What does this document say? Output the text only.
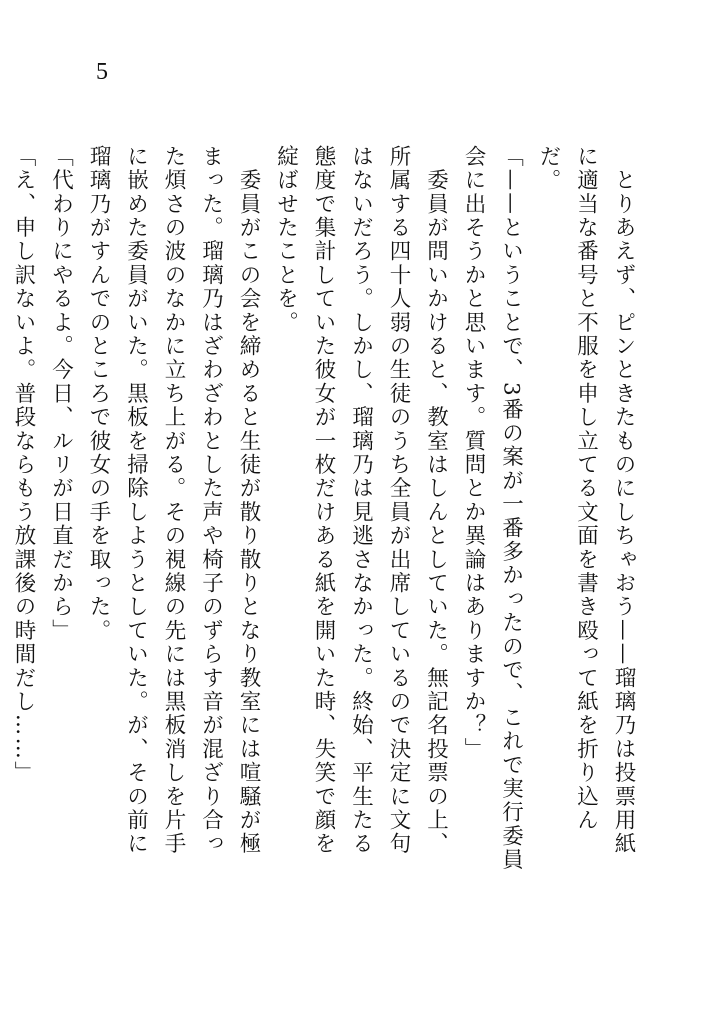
5

　とりあえず、ピンときたものにしちゃおう——瑠璃乃は投票用紙に適当な番号と不服を申し立てる文面を書き殴って紙を折り込んだ。

「——ということで、3番の案が一番多かったので、これで実行委員会に出そうかと思います。質問とか異論はありますか？」

　委員が問いかけると、教室はしんとしていた。無記名投票の上、所属する四十人弱の生徒のうち全員が出席しているので決定に文句はないだろう。しかし、瑠璃乃は見逃さなかった。終始、平生たる態度で集計していた彼女が一枚だけある紙を開いた時、失笑で顔を綻ばせたことを。

　委員がこの会を締めると生徒が散り散りとなり教室には喧騒が極まった。瑠璃乃はざわざわとした声や椅子のずらす音が混ざり合った煩さの波のなかに立ち上がる。その視線の先には黒板消しを片手に嵌めた委員がいた。黒板を掃除しようとしていた。が、その前に瑠璃乃がすんでのところで彼女の手を取った。

「代わりにやるよ。今日、ルリが日直だから」

「え、申し訳ないよ。普段ならもう放課後の時間だし……」
